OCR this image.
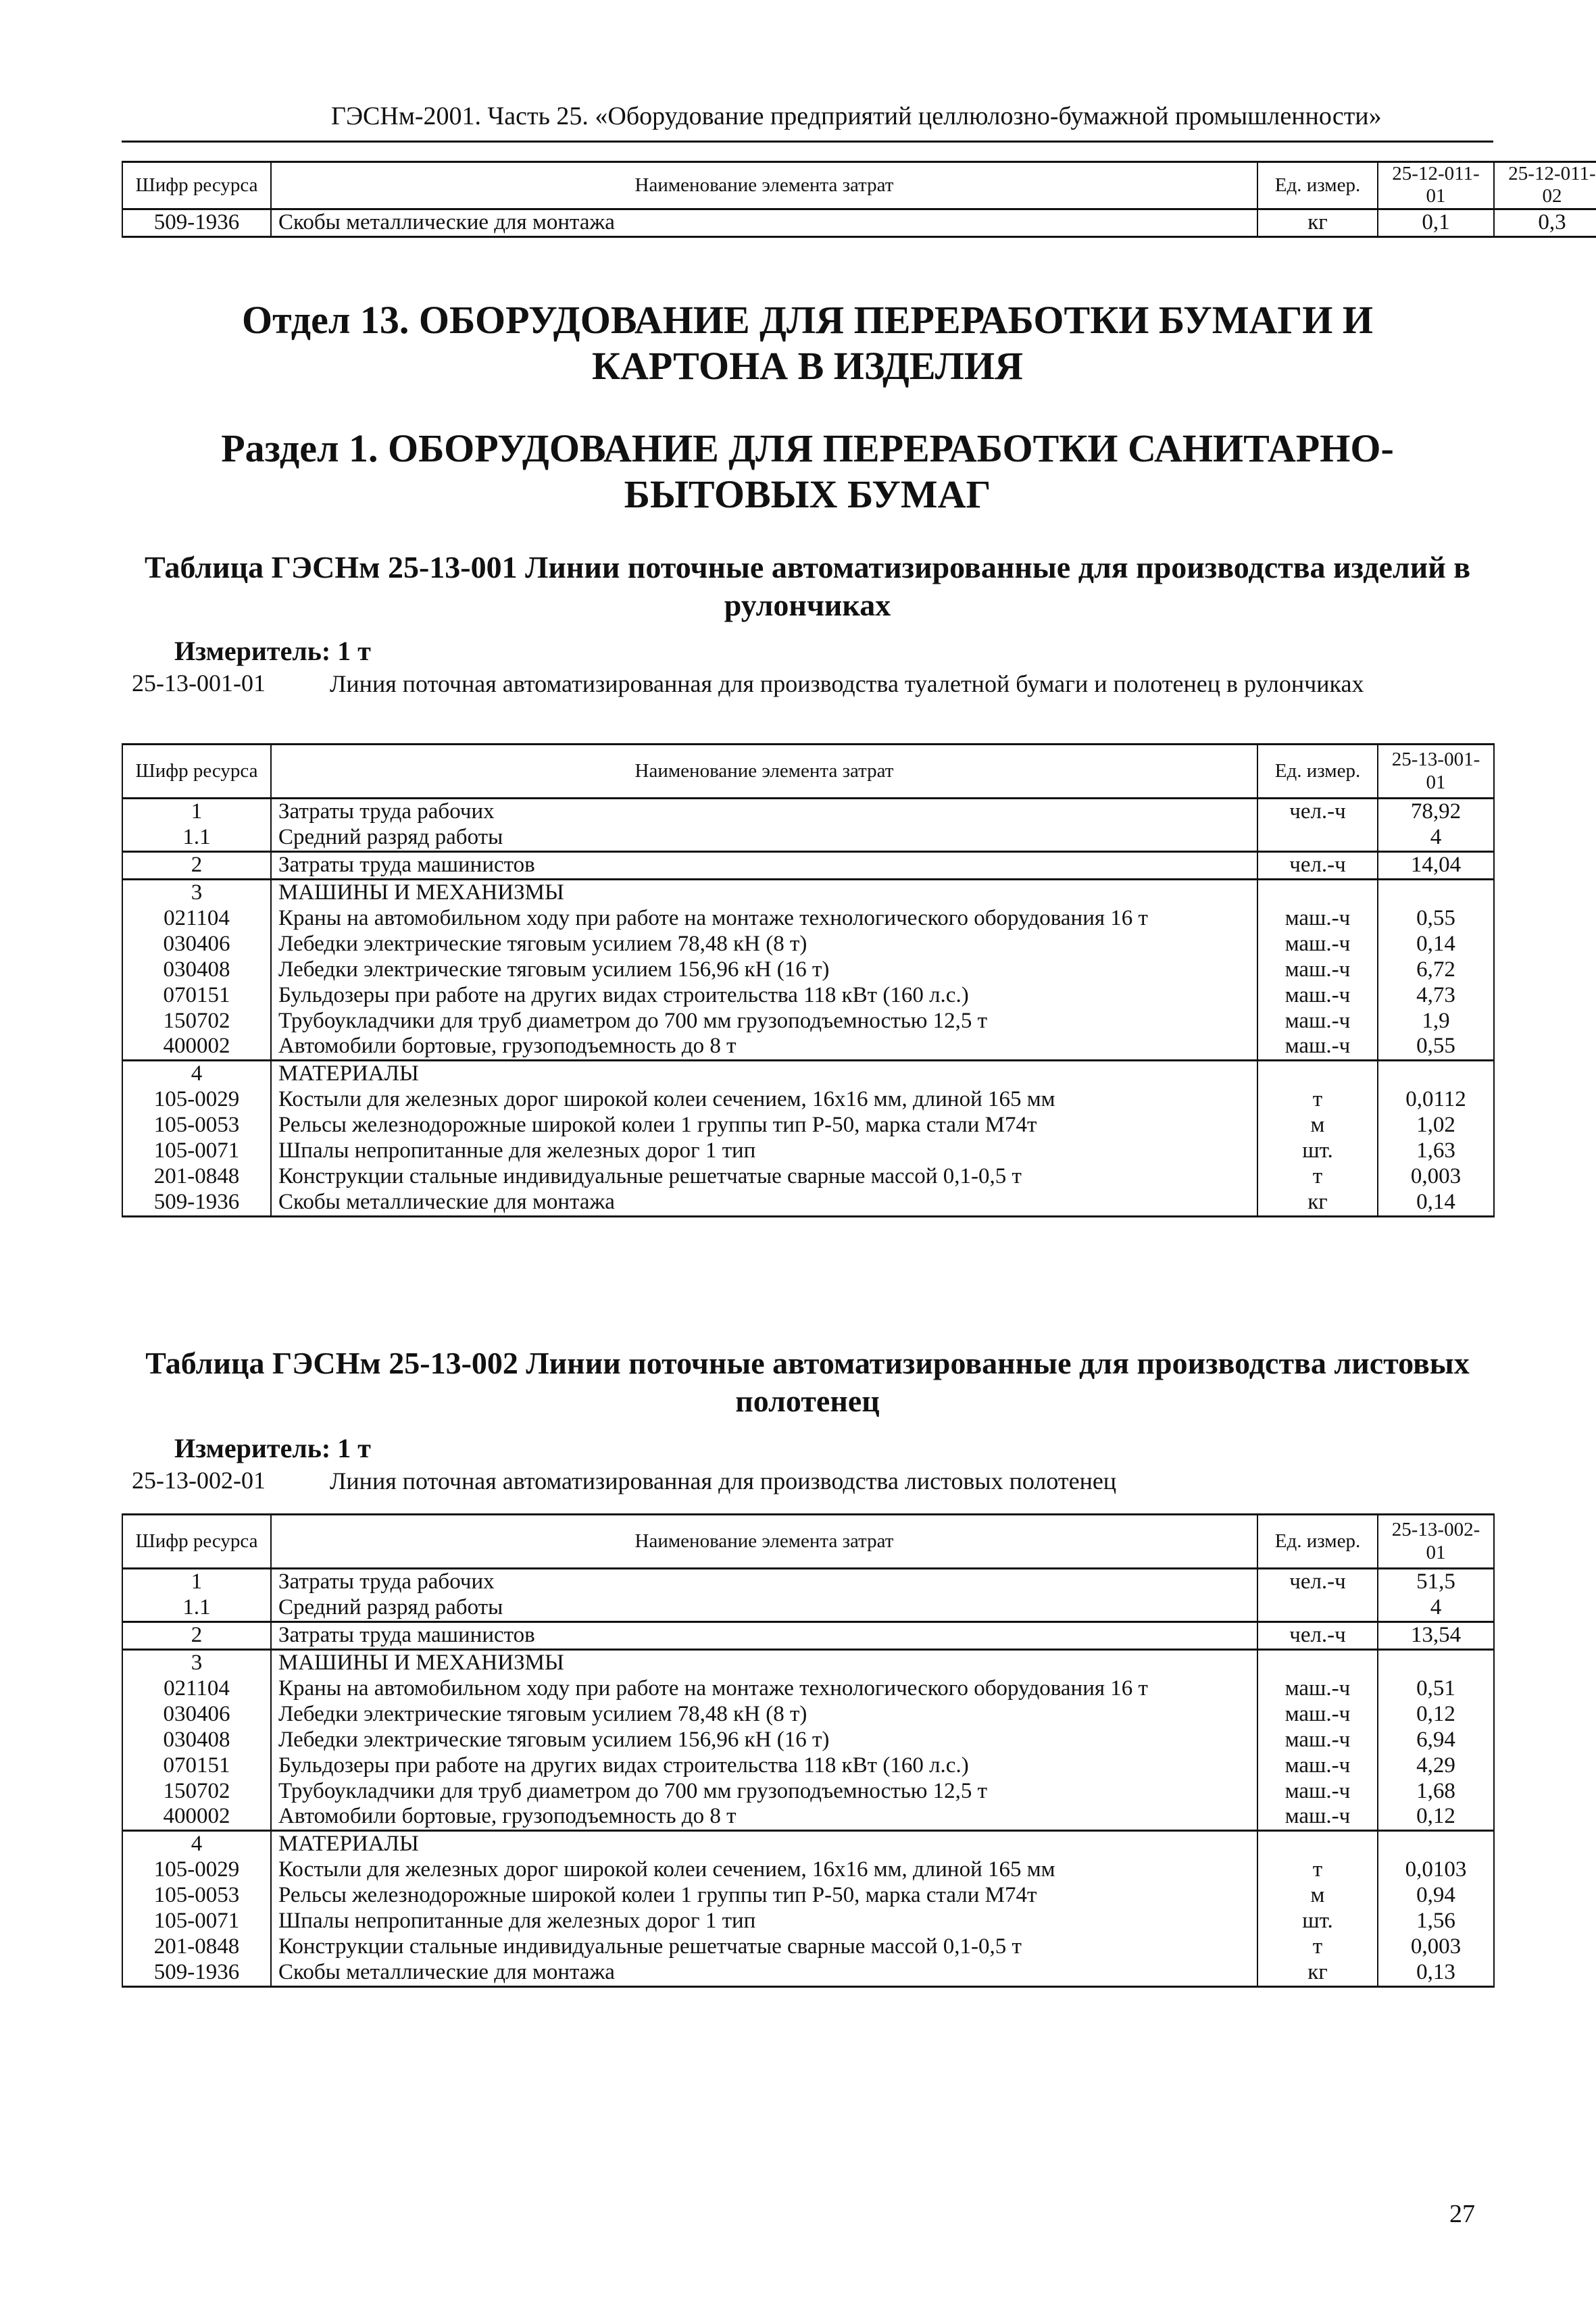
ГЭСНм-2001. Часть 25. «Оборудование предприятий целлюлозно-бумажной промышленности»
Шифр ресурса	Наименование элемента затрат	Ед. измер.	25-12-011-01	25-12-011-02
509-1936	Скобы металлические для монтажа	кг	0,1	0,3
Отдел 13. ОБОРУДОВАНИЕ ДЛЯ ПЕРЕРАБОТКИ БУМАГИ И КАРТОНА В ИЗДЕЛИЯ
Раздел 1. ОБОРУДОВАНИЕ ДЛЯ ПЕРЕРАБОТКИ САНИТАРНО-БЫТОВЫХ БУМАГ
Таблица ГЭСНм 25-13-001 Линии поточные автоматизированные для производства изделий в рулончиках
Измеритель: 1 т
25-13-001-01	Линия поточная автоматизированная для производства туалетной бумаги и полотенец в рулончиках
Шифр ресурса	Наименование элемента затрат	Ед. измер.	25-13-001-01
1	Затраты труда рабочих	чел.-ч	78,92
1.1	Средний разряд работы		4
2	Затраты труда машинистов	чел.-ч	14,04
3	МАШИНЫ И МЕХАНИЗМЫ		
021104	Краны на автомобильном ходу при работе на монтаже технологического оборудования 16 т	маш.-ч	0,55
030406	Лебедки электрические тяговым усилием 78,48 кН (8 т)	маш.-ч	0,14
030408	Лебедки электрические тяговым усилием 156,96 кН (16 т)	маш.-ч	6,72
070151	Бульдозеры при работе на других видах строительства 118 кВт (160 л.с.)	маш.-ч	4,73
150702	Трубоукладчики для труб диаметром до 700 мм грузоподъемностью 12,5 т	маш.-ч	1,9
400002	Автомобили бортовые, грузоподъемность до 8 т	маш.-ч	0,55
4	МАТЕРИАЛЫ		
105-0029	Костыли для железных дорог широкой колеи сечением, 16х16 мм, длиной 165 мм	т	0,0112
105-0053	Рельсы железнодорожные широкой колеи 1 группы тип Р-50, марка стали М74т	м	1,02
105-0071	Шпалы непропитанные для железных дорог 1 тип	шт.	1,63
201-0848	Конструкции стальные индивидуальные решетчатые сварные массой 0,1-0,5 т	т	0,003
509-1936	Скобы металлические для монтажа	кг	0,14
Таблица ГЭСНм 25-13-002 Линии поточные автоматизированные для производства листовых полотенец
Измеритель: 1 т
25-13-002-01	Линия поточная автоматизированная для производства листовых полотенец
Шифр ресурса	Наименование элемента затрат	Ед. измер.	25-13-002-01
1	Затраты труда рабочих	чел.-ч	51,5
1.1	Средний разряд работы		4
2	Затраты труда машинистов	чел.-ч	13,54
3	МАШИНЫ И МЕХАНИЗМЫ		
021104	Краны на автомобильном ходу при работе на монтаже технологического оборудования 16 т	маш.-ч	0,51
030406	Лебедки электрические тяговым усилием 78,48 кН (8 т)	маш.-ч	0,12
030408	Лебедки электрические тяговым усилием 156,96 кН (16 т)	маш.-ч	6,94
070151	Бульдозеры при работе на других видах строительства 118 кВт (160 л.с.)	маш.-ч	4,29
150702	Трубоукладчики для труб диаметром до 700 мм грузоподъемностью 12,5 т	маш.-ч	1,68
400002	Автомобили бортовые, грузоподъемность до 8 т	маш.-ч	0,12
4	МАТЕРИАЛЫ		
105-0029	Костыли для железных дорог широкой колеи сечением, 16х16 мм, длиной 165 мм	т	0,0103
105-0053	Рельсы железнодорожные широкой колеи 1 группы тип Р-50, марка стали М74т	м	0,94
105-0071	Шпалы непропитанные для железных дорог 1 тип	шт.	1,56
201-0848	Конструкции стальные индивидуальные решетчатые сварные массой 0,1-0,5 т	т	0,003
509-1936	Скобы металлические для монтажа	кг	0,13
27
